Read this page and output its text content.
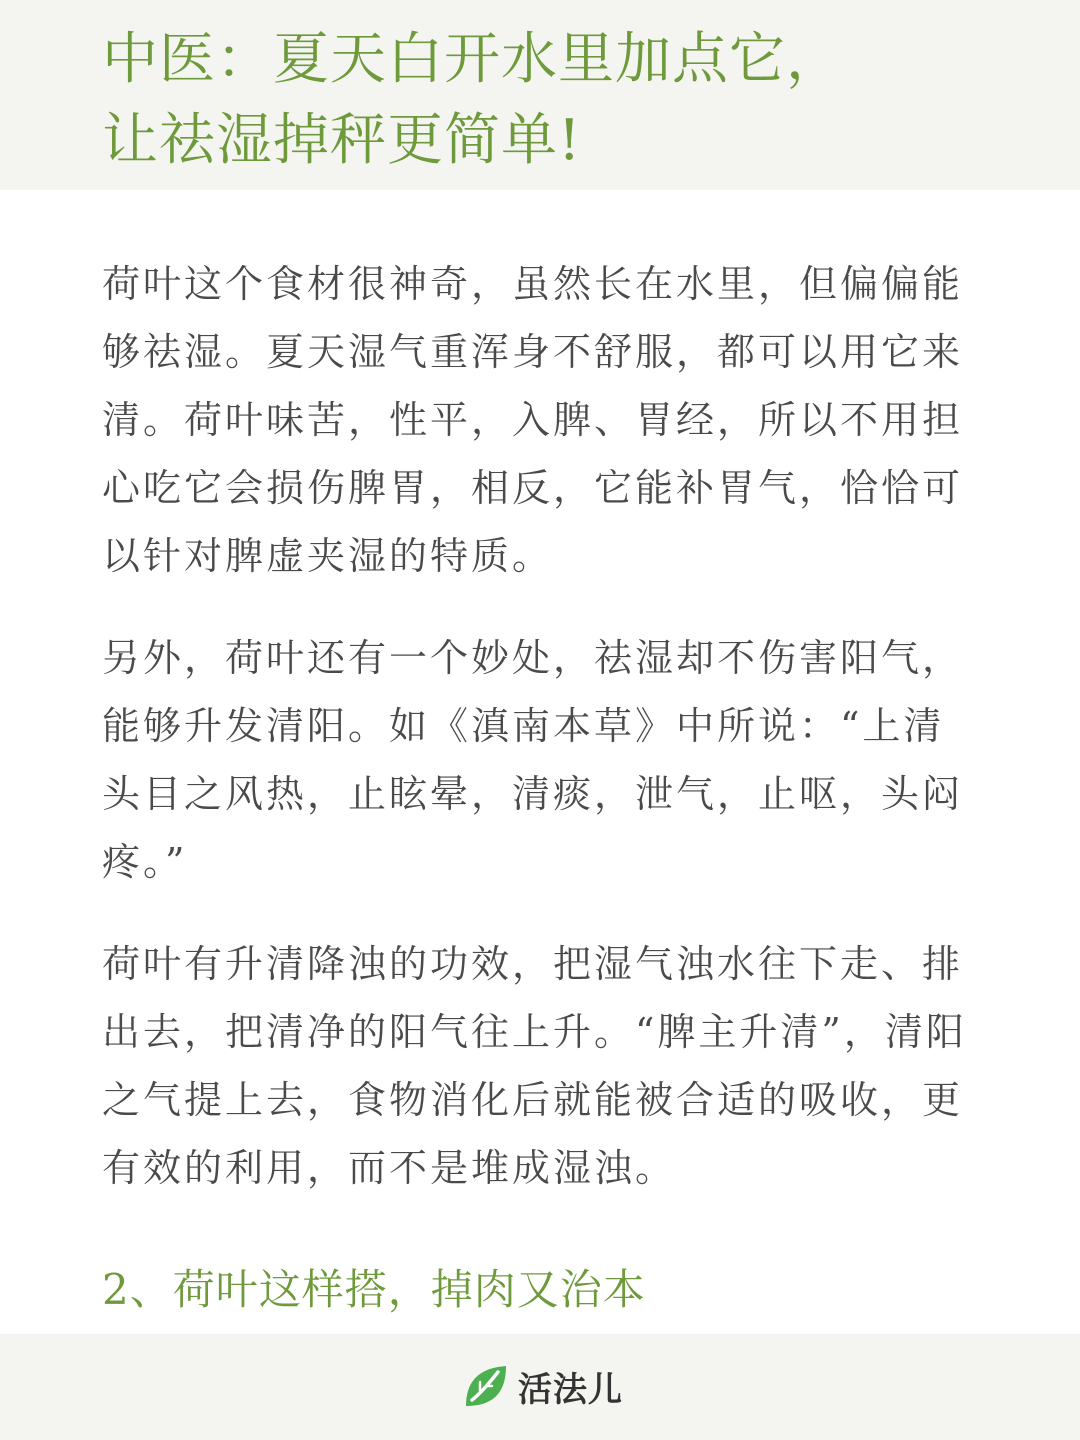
中医：夏天白开水里加点它，
让祛湿掉秤更简单!

荷叶这个食材很神奇，虽然长在水里，但偏偏能够祛湿。夏天湿气重浑身不舒服，都可以用它来清。荷叶味苦，性平，入脾、胃经，所以不用担心吃它会损伤脾胃，相反，它能补胃气，恰恰可以针对脾虚夹湿的特质。

另外，荷叶还有一个妙处，祛湿却不伤害阳气，能够升发清阳。如《滇南本草》中所说：“上清头目之风热，止眩晕，清痰，泄气，止呕，头闷疼。”

荷叶有升清降浊的功效，把湿气浊水往下走、排出去，把清净的阳气往上升。“脾主升清”，清阳之气提上去，食物消化后就能被合适的吸收，更有效的利用，而不是堆成湿浊。

2、荷叶这样搭，掉肉又治本
活法儿
